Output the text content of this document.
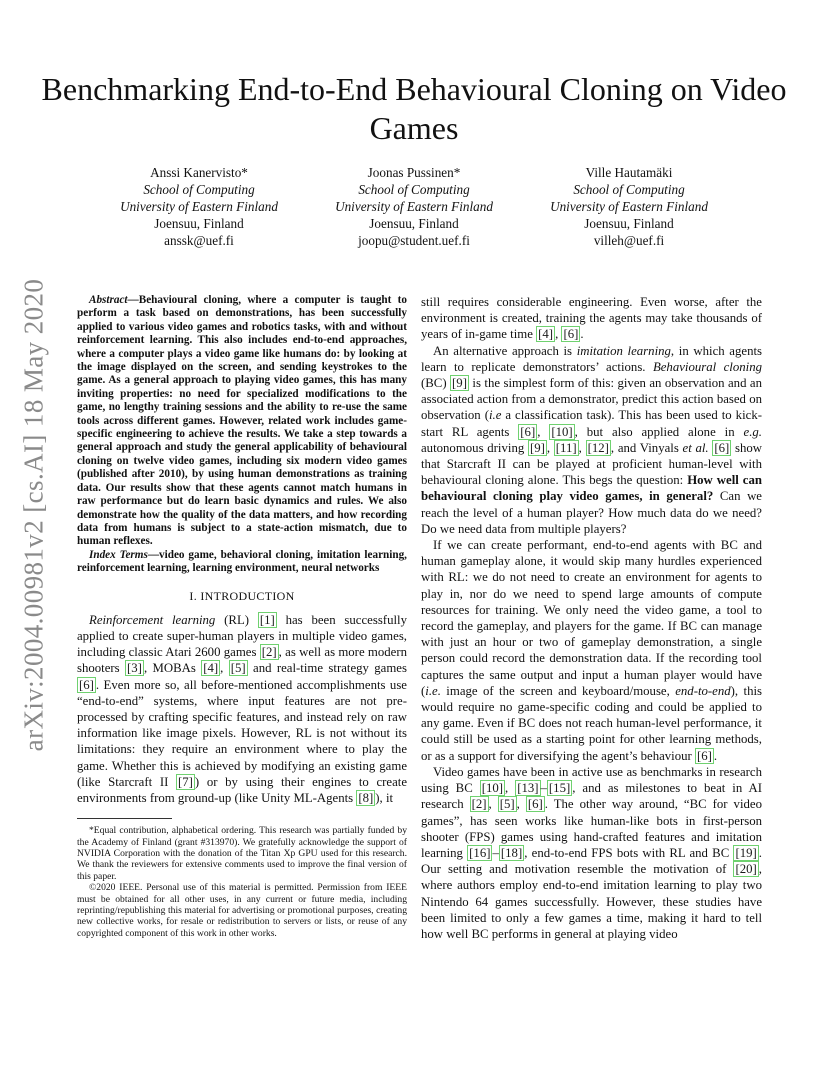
arXiv:2004.00981v2 [cs.AI] 18 May 2020
Benchmarking End-to-End Behavioural Cloning on Video Games
Anssi Kanervisto*
School of Computing
University of Eastern Finland
Joensuu, Finland
anssk@uef.fi
Joonas Pussinen*
School of Computing
University of Eastern Finland
Joensuu, Finland
joopu@student.uef.fi
Ville Hautamäki
School of Computing
University of Eastern Finland
Joensuu, Finland
villeh@uef.fi

Abstract—Behavioural cloning, where a computer is taught to perform a task based on demonstrations, has been successfully applied to various video games and robotics tasks, with and without reinforcement learning. This also includes end-to-end approaches, where a computer plays a video game like humans do: by looking at the image displayed on the screen, and sending keystrokes to the game. As a general approach to playing video games, this has many inviting properties: no need for specialized modifications to the game, no lengthy training sessions and the ability to re-use the same tools across different games. However, related work includes game-specific engineering to achieve the results. We take a step towards a general approach and study the general applicability of behavioural cloning on twelve video games, including six modern video games (published after 2010), by using human demonstrations as training data. Our results show that these agents cannot match humans in raw performance but do learn basic dynamics and rules. We also demonstrate how the quality of the data matters, and how recording data from humans is subject to a state-action mismatch, due to human reflexes.

Index Terms—video game, behavioral cloning, imitation learning, reinforcement learning, learning environment, neural networks

I. INTRODUCTION

Reinforcement learning (RL) [1] has been successfully applied to create super-human players in multiple video games, including classic Atari 2600 games [2] , as well as more modern shooters [3] , MOBAs [4] , [5] and real-time strategy games [6] . Even more so, all before-mentioned accomplishments use “end-to-end” systems, where input features are not pre-processed by crafting specific features, and instead rely on raw information like image pixels. However, RL is not without its limitations: they require an environment where to play the game. Whether this is achieved by modifying an existing game (like Starcraft II [7] ) or by using their engines to create environments from ground-up (like Unity ML-Agents [8] ), it

*Equal contribution, alphabetical ordering. This research was partially funded by the Academy of Finland (grant #313970). We gratefully acknowledge the support of NVIDIA Corporation with the donation of the Titan Xp GPU used for this research. We thank the reviewers for extensive comments used to improve the final version of this paper.

©2020 IEEE. Personal use of this material is permitted. Permission from IEEE must be obtained for all other uses, in any current or future media, including reprinting/republishing this material for advertising or promotional purposes, creating new collective works, for resale or redistribution to servers or lists, or reuse of any copyrighted component of this work in other works.

still requires considerable engineering. Even worse, after the environment is created, training the agents may take thousands of years of in-game time [4] , [6] .

An alternative approach is imitation learning, in which agents learn to replicate demonstrators’ actions. Behavioural cloning (BC) [9] is the simplest form of this: given an observation and an associated action from a demonstrator, predict this action based on observation (i.e a classification task). This has been used to kick-start RL agents [6] , [10] , but also applied alone in e.g. autonomous driving [9] , [11] , [12] , and Vinyals et al. [6] show that Starcraft II can be played at proficient human-level with behavioural cloning alone. This begs the question: How well can behavioural cloning play video games, in general? Can we reach the level of a human player? How much data do we need? Do we need data from multiple players?

If we can create performant, end-to-end agents with BC and human gameplay alone, it would skip many hurdles experienced with RL: we do not need to create an environment for agents to play in, nor do we need to spend large amounts of compute resources for training. We only need the video game, a tool to record the gameplay, and players for the game. If BC can manage with just an hour or two of gameplay demonstration, a single person could record the demonstration data. If the recording tool captures the same output and input a human player would have (i.e. image of the screen and keyboard/mouse, end-to-end), this would require no game-specific coding and could be applied to any game. Even if BC does not reach human-level performance, it could still be used as a starting point for other learning methods, or as a support for diversifying the agent’s behaviour [6] .

Video games have been in active use as benchmarks in research using BC [10] , [13] – [15] , and as milestones to beat in AI research [2] , [5] , [6] . The other way around, “BC for video games”, has seen works like human-like bots in first-person shooter (FPS) games using hand-crafted features and imitation learning [16] – [18] , end-to-end FPS bots with RL and BC [19] . Our setting and motivation resemble the motivation of [20] , where authors employ end-to-end imitation learning to play two Nintendo 64 games successfully. However, these studies have been limited to only a few games a time, making it hard to tell how well BC performs in general at playing video
